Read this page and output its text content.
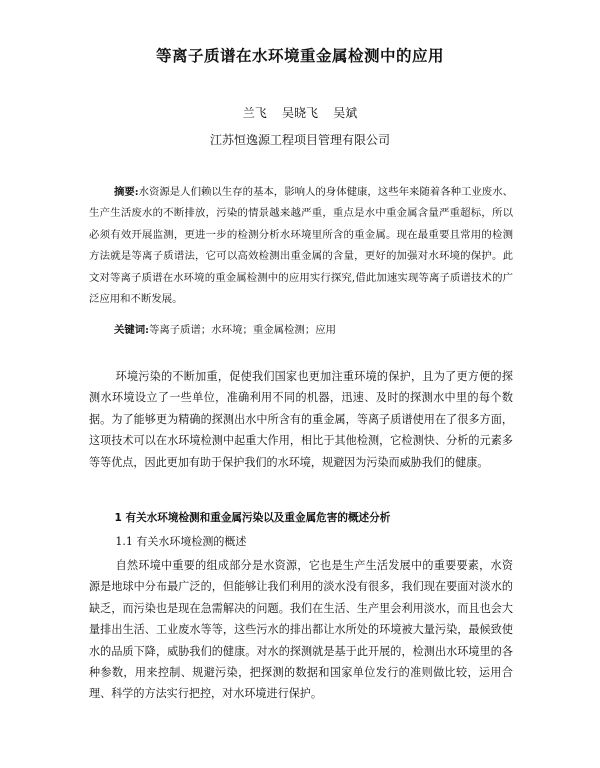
等离子质谱在水环境重金属检测中的应用
兰飞    吴晓飞    吴斌
江苏恒逸源工程项目管理有限公司

摘要:水资源是人们赖以生存的基本，影响人的身体健康，这些年来随着各种工业废水、生产生活废水的不断排放，污染的情景越来越严重，重点是水中重金属含量严重超标，所以必须有效开展监测，更进一步的检测分析水环境里所含的重金属。现在最重要且常用的检测方法就是等离子质谱法，它可以高效检测出重金属的含量，更好的加强对水环境的保护。此文对等离子质谱在水环境的重金属检测中的应用实行探究,借此加速实现等离子质谱技术的广泛应用和不断发展。

关键词:等离子质谱；水环境；重金属检测；应用

环境污染的不断加重，促使我们国家也更加注重环境的保护，且为了更方便的探测水环境设立了一些单位，准确利用不同的机器，迅速、及时的探测水中里的每个数据。为了能够更为精确的探测出水中所含有的重金属，等离子质谱使用在了很多方面，这项技术可以在水环境检测中起重大作用，相比于其他检测，它检测快、分析的元素多等等优点，因此更加有助于保护我们的水环境，规避因为污染而威胁我们的健康。

1 有关水环境检测和重金属污染以及重金属危害的概述分析

1.1 有关水环境检测的概述

自然环境中重要的组成部分是水资源，它也是生产生活发展中的重要要素，水资源是地球中分布最广泛的，但能够让我们利用的淡水没有很多，我们现在要面对淡水的缺乏，而污染也是现在急需解决的问题。我们在生活、生产里会利用淡水，而且也会大量排出生活、工业废水等等，这些污水的排出都让水所处的环境被大量污染，最候致使水的品质下降，威胁我们的健康。对水的探测就是基于此开展的，检测出水环境里的各种参数，用来控制、规避污染，把探测的数据和国家单位发行的准则做比较，运用合理、科学的方法实行把控，对水环境进行保护。
